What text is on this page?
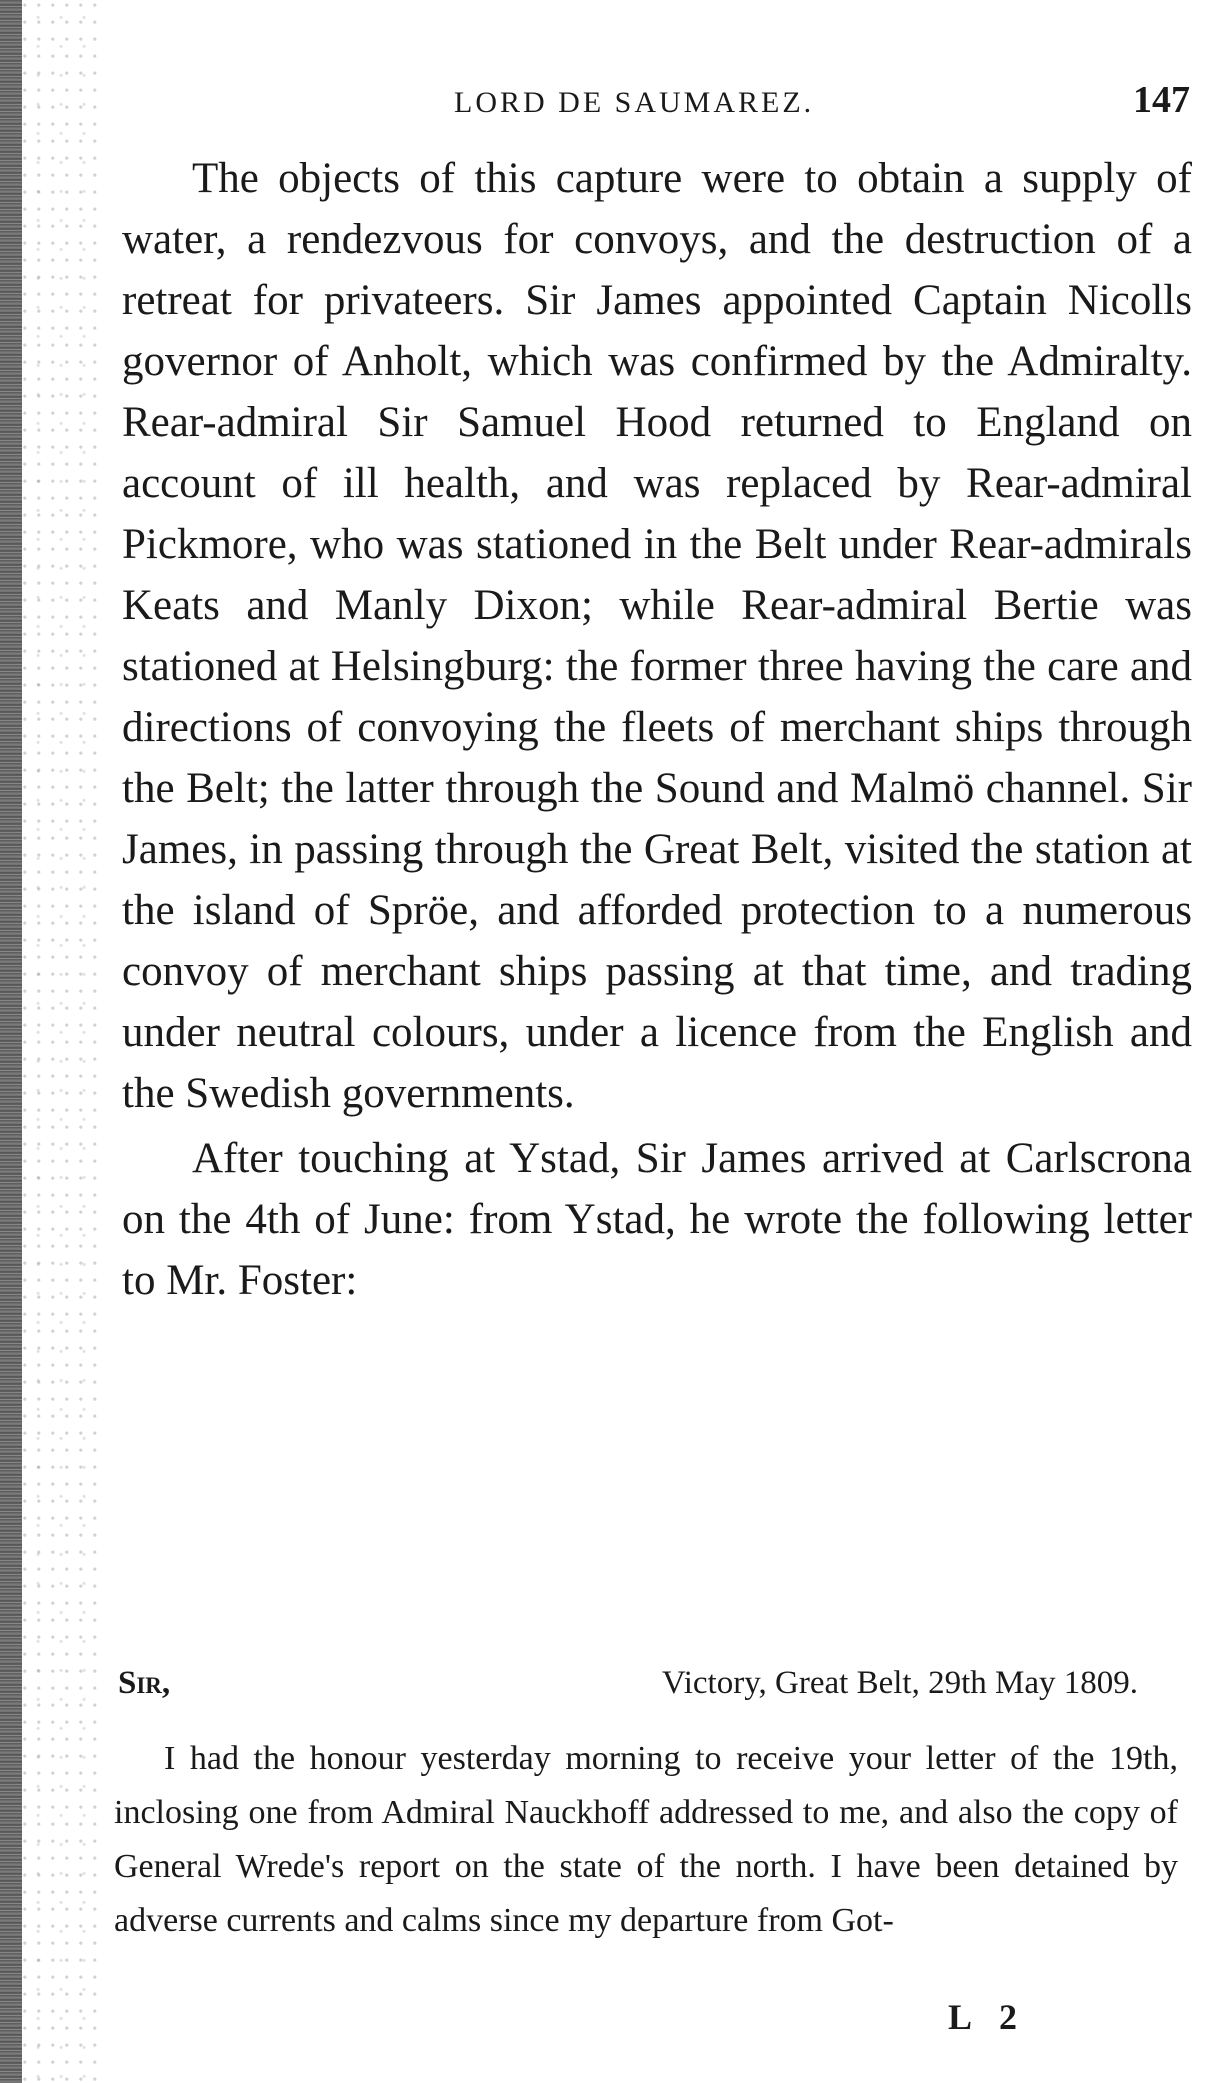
LORD DE SAUMAREZ.	147

The objects of this capture were to obtain a supply of water, a rendezvous for convoys, and the destruction of a retreat for privateers. Sir James appointed Captain Nicolls governor of Anholt, which was confirmed by the Admiralty. Rear-admiral Sir Samuel Hood returned to England on account of ill health, and was replaced by Rear-admiral Pickmore, who was stationed in the Belt under Rear-admirals Keats and Manly Dixon; while Rear-admiral Bertie was stationed at Helsingburg: the former three having the care and directions of convoying the fleets of merchant ships through the Belt; the latter through the Sound and Malmö channel. Sir James, in passing through the Great Belt, visited the station at the island of Spröe, and afforded protection to a numerous convoy of merchant ships passing at that time, and trading under neutral colours, under a licence from the English and the Swedish governments.

After touching at Ystad, Sir James arrived at Carlscrona on the 4th of June: from Ystad, he wrote the following letter to Mr. Foster:

Sir,	Victory, Great Belt, 29th May 1809.

I had the honour yesterday morning to receive your letter of the 19th, inclosing one from Admiral Nauckhoff addressed to me, and also the copy of General Wrede's report on the state of the north. I have been detained by adverse currents and calms since my departure from Got-

L 2
